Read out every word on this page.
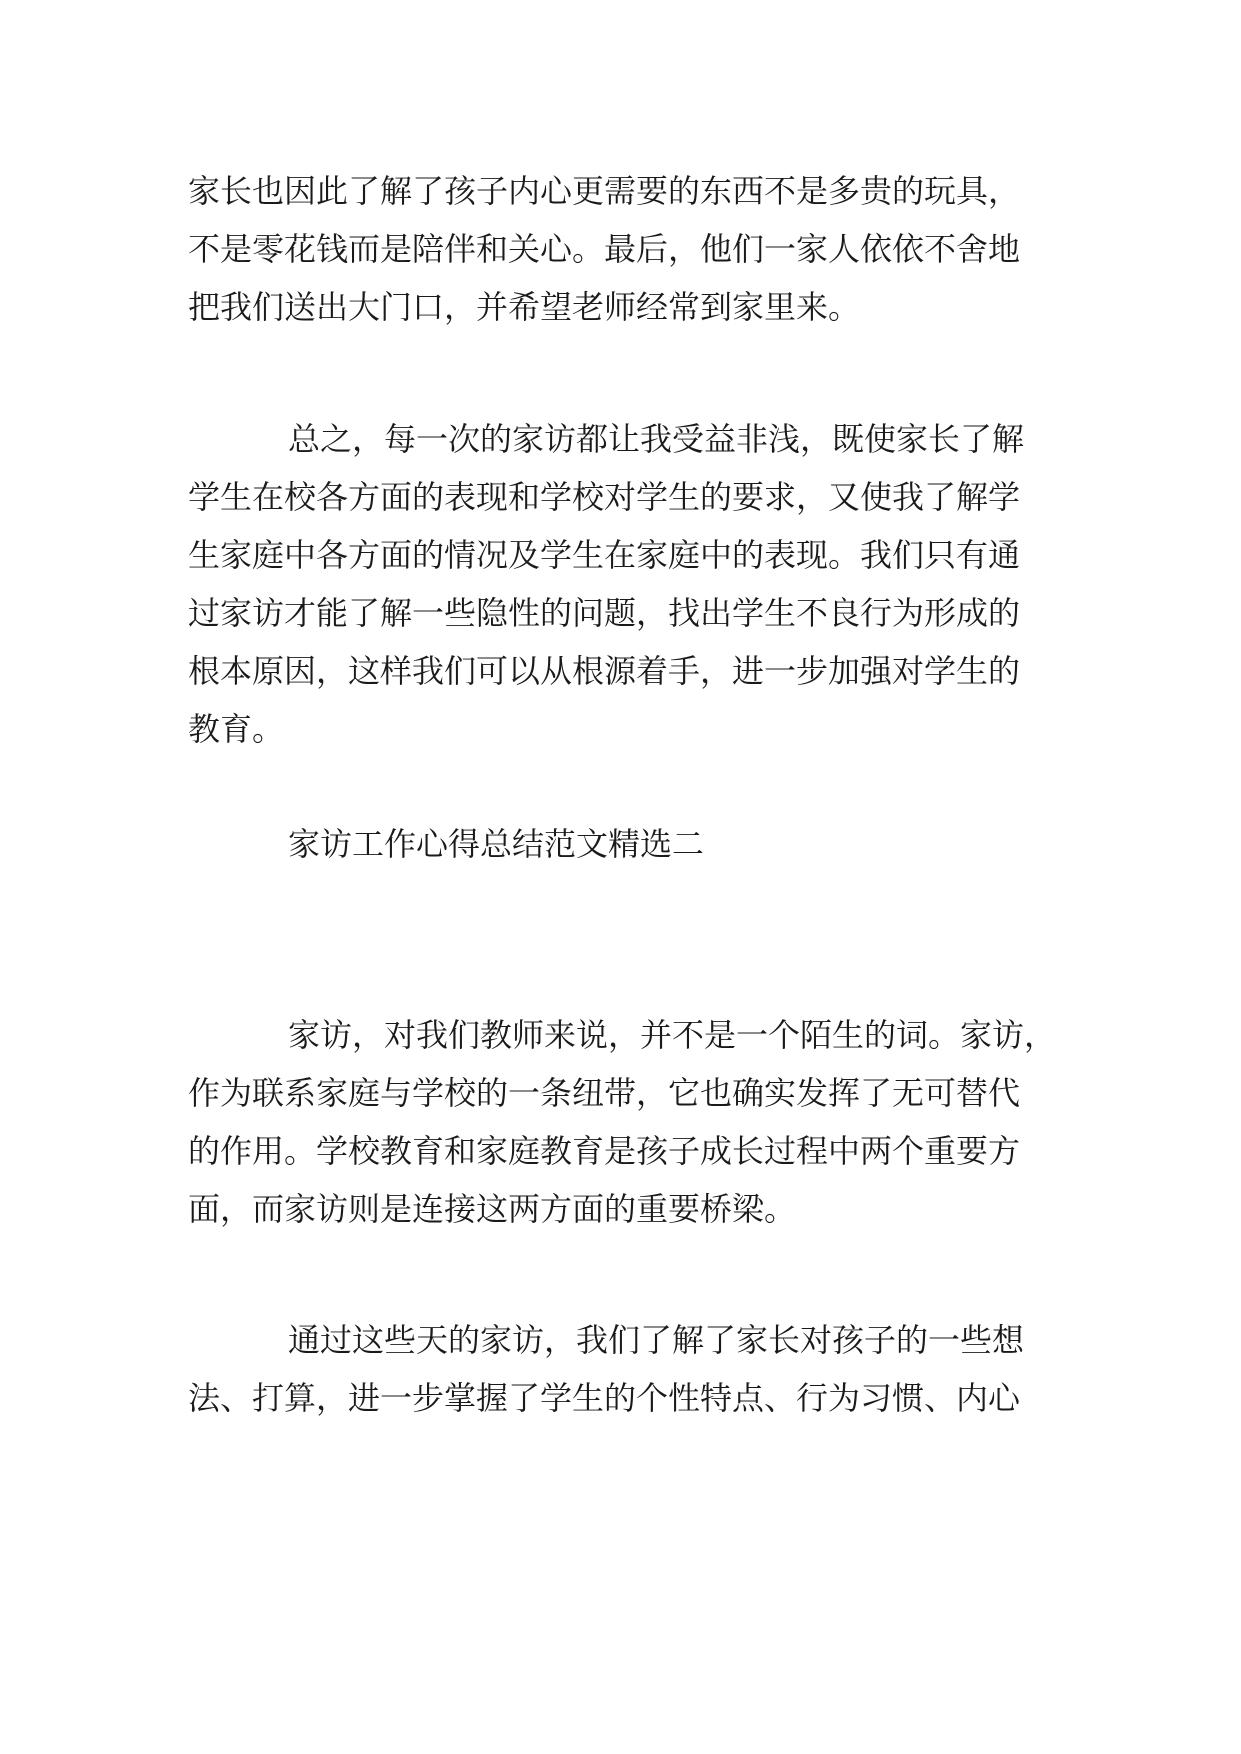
家长也因此了解了孩子内心更需要的东西不是多贵的玩具，
不是零花钱而是陪伴和关心。最后，他们一家人依依不舍地
把我们送出大门口，并希望老师经常到家里来。

总之，每一次的家访都让我受益非浅，既使家长了解
学生在校各方面的表现和学校对学生的要求，又使我了解学
生家庭中各方面的情况及学生在家庭中的表现。我们只有通
过家访才能了解一些隐性的问题，找出学生不良行为形成的
根本原因，这样我们可以从根源着手，进一步加强对学生的
教育。

家访工作心得总结范文精选二

家访，对我们教师来说，并不是一个陌生的词。家访，
作为联系家庭与学校的一条纽带，它也确实发挥了无可替代
的作用。学校教育和家庭教育是孩子成长过程中两个重要方
面，而家访则是连接这两方面的重要桥梁。

通过这些天的家访，我们了解了家长对孩子的一些想
法、打算，进一步掌握了学生的个性特点、行为习惯、内心
